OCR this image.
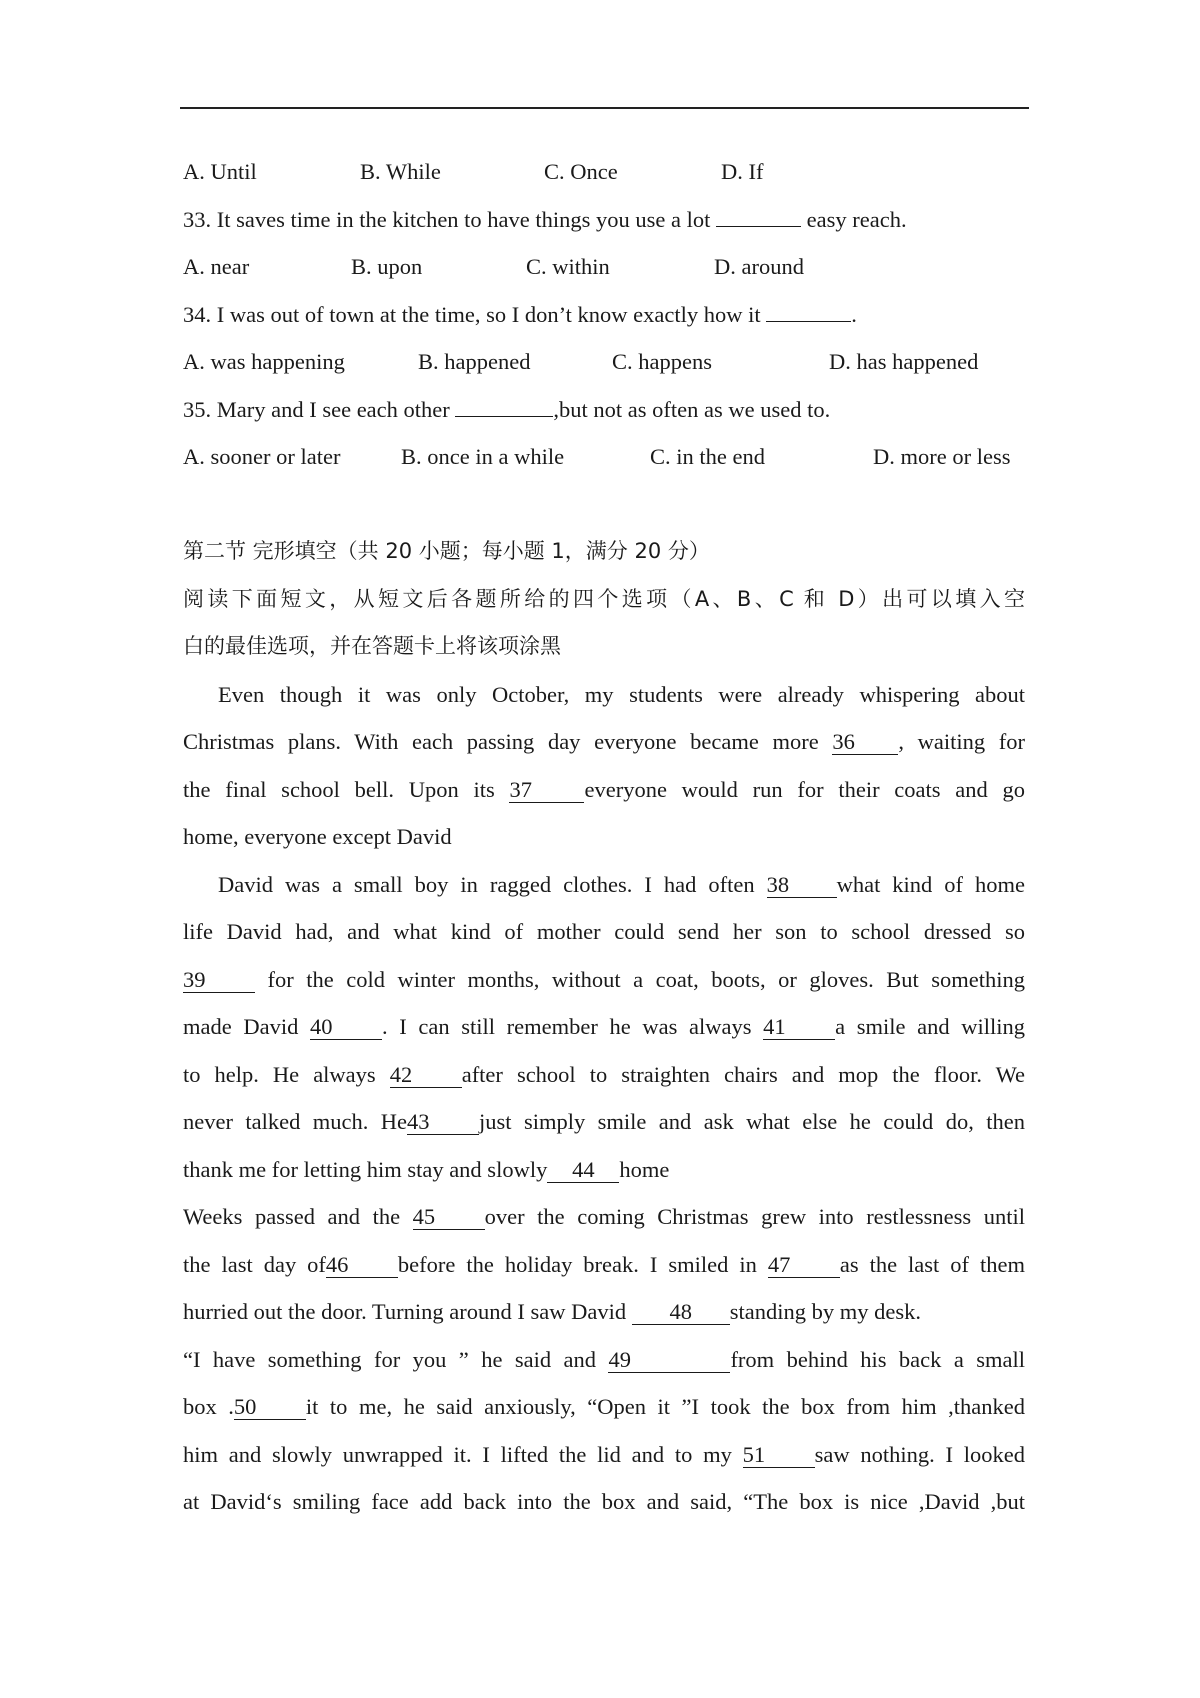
A. Until	B. While	C. Once	D. If
33. It saves time in the kitchen to have things you use a lot	easy reach.
A. near	B. upon	C. within	D. around
34. I was out of town at the time, so I don’t know exactly how it	.
A. was happening	B. happened	C. happens	D. has happened
35. Mary and I see each other	,but not as often as we used to.
A. sooner or later	B. once in a while	C. in the end	D. more or less
第二节 完形填空（共 20 小题；每小题 1，满分 20 分）
阅读下面短文，从短文后各题所给的四个选项（A、B、C 和 D）出可以填入空
白的最佳选项，并在答题卡上将该项涂黑
Even though it was only October, my students were already whispering about
Christmas plans. With each passing day everyone became more 36 , waiting for
the final school bell. Upon its 37 everyone would run for their coats and go
home, everyone except David
David was a small boy in ragged clothes. I had often 38 what kind of home
life David had, and what kind of mother could send her son to school dressed so
39 for the cold winter months, without a coat, boots, or gloves. But something
made David 40 . I can still remember he was always 41 a smile and willing
to help. He always 42 after school to straighten chairs and mop the floor. We
never talked much. He43 just simply smile and ask what else he could do, then
thank me for letting him stay and slowly 44 home
Weeks passed and the 45 over the coming Christmas grew into restlessness until
the last day of46 before the holiday break. I smiled in 47 as the last of them
hurried out the door. Turning around I saw David 48 standing by my desk.
“I have something for you ” he said and 49	from behind his back a small
box .50 it to me, he said anxiously, “Open it ”I took the box from him ,thanked
him and slowly unwrapped it. I lifted the lid and to my 51 saw nothing. I looked
at David‘s smiling face add back into the box and said, “The box is nice ,David ,but
